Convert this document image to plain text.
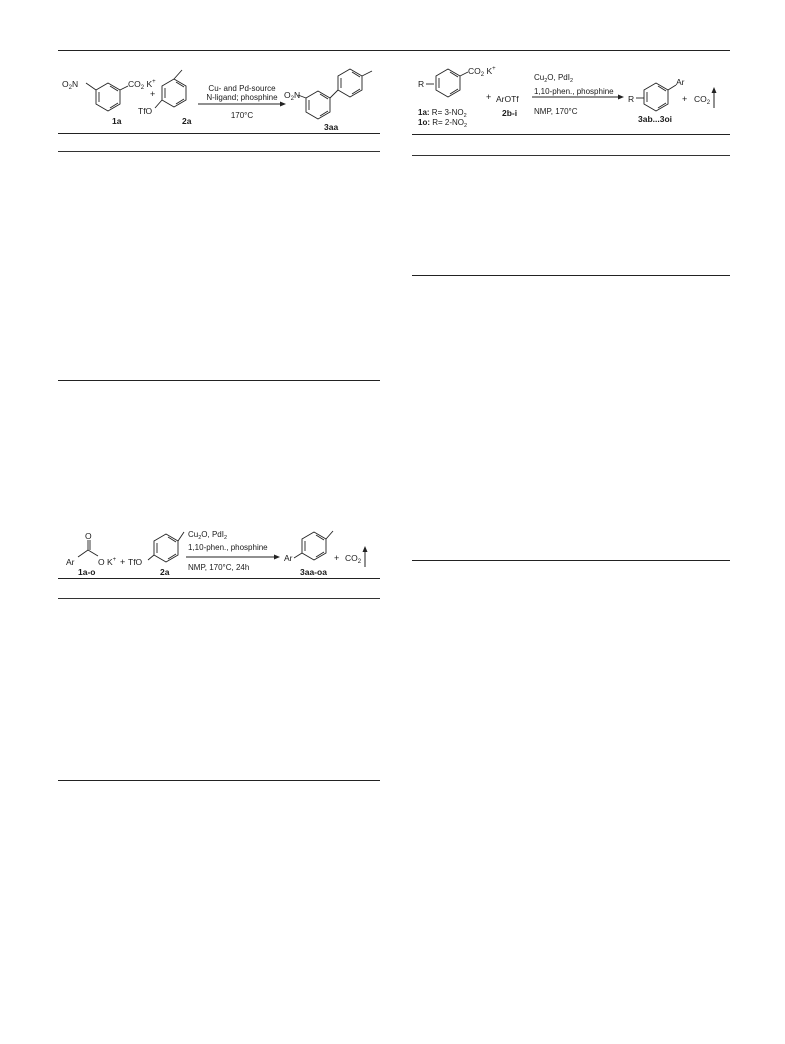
$O_2N$	$CO_2$ K+
1a
+
TfO
2a
Cu- and Pd-source
N-ligand; phosphine
170°C
$O_2N$
3aa
O
Ar	O K+
1a-o
+ TfO
2a
$Cu_2O$, PdI$_2$
1,10-phen., phosphine
NMP, 170°C, 24h
Ar
3aa-oa
+ $CO_2$
R
$CO_2$ K+
1a: $R= 3-NO_2$
1o: $R= 2-NO_2$
+ ArOTf
2b-i
$Cu_2O$, PdI$_2$
1,10-phen., phosphine
NMP, 170°C
R
Ar
3ab...3oi
+ $CO_2$
